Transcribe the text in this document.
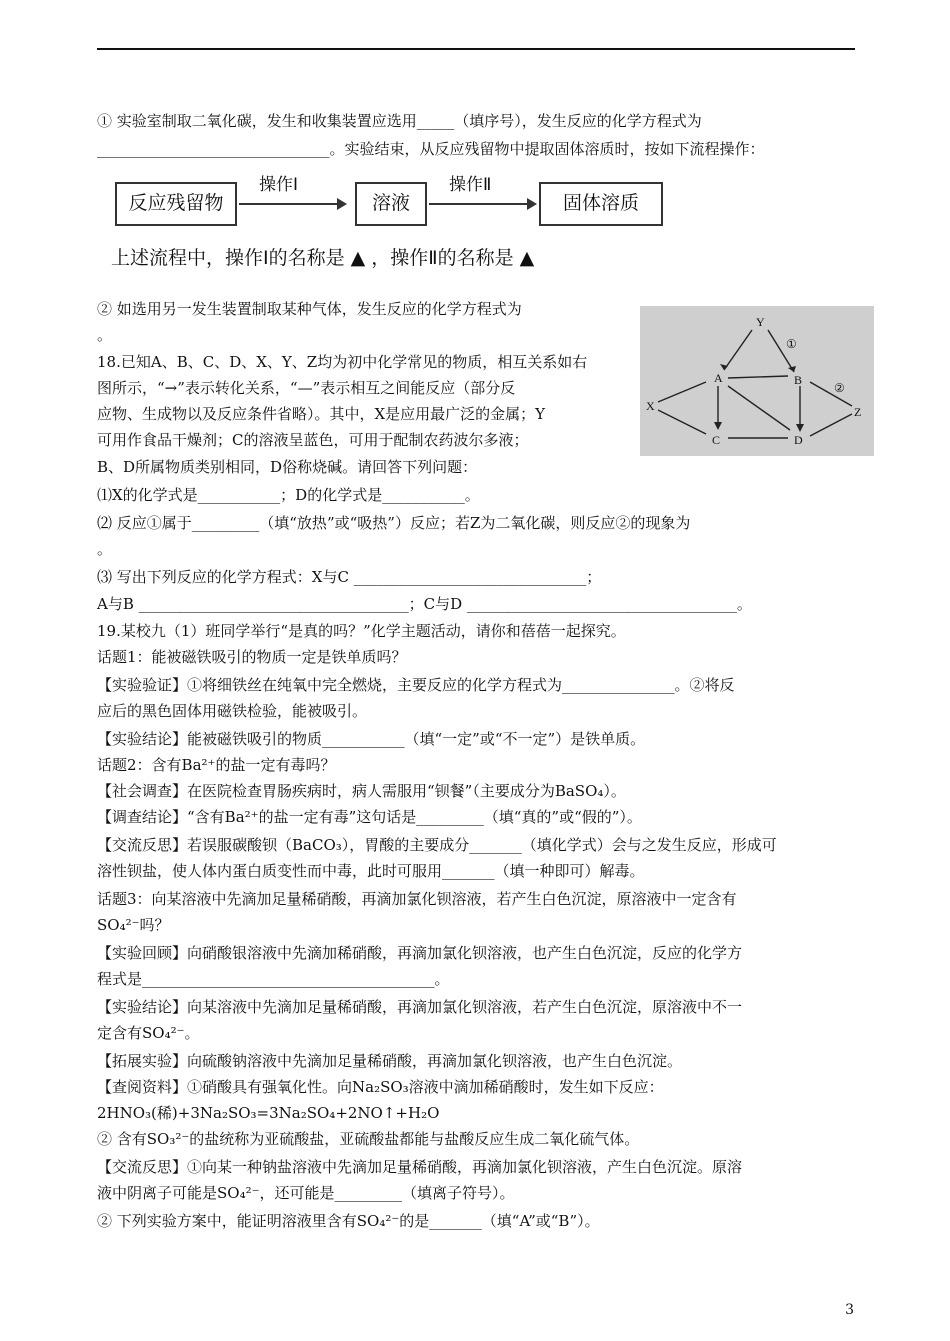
① 实验室制取二氧化碳，发生和收集装置应选用_____（填序号），发生反应的化学方程式为
_______________________________。实验结束，从反应残留物中提取固体溶质时，按如下流程操作：
反应残留物
操作Ⅰ
溶液
操作Ⅱ
固体溶质
上述流程中，操作Ⅰ的名称是 ▲ ，操作Ⅱ的名称是 ▲
② 如选用另一发生装置制取某种气体，发生反应的化学方程式为
。
Y
A	B
X
C	D
Z
①
②
18.已知A、B、C、D、X、Y、Z均为初中化学常见的物质，相互关系如右
图所示，“→”表示转化关系，“—”表示相互之间能反应（部分反
应物、生成物以及反应条件省略）。其中，X是应用最广泛的金属；Y
可用作食品干燥剂；C的溶液呈蓝色，可用于配制农药波尔多液；
B、D所属物质类别相同，D俗称烧碱。请回答下列问题：
⑴X的化学式是___________；D的化学式是___________。
⑵ 反应①属于_________（填“放热”或“吸热”）反应；若Z为二氧化碳，则反应②的现象为
。
⑶ 写出下列反应的化学方程式：X与C _______________________________；
A与B ____________________________________；C与D ____________________________________。
19.某校九（1）班同学举行“是真的吗？”化学主题活动，请你和蓓蓓一起探究。
话题1：能被磁铁吸引的物质一定是铁单质吗？
【实验验证】①将细铁丝在纯氧中完全燃烧，主要反应的化学方程式为_______________。②将反
应后的黑色固体用磁铁检验，能被吸引。
【实验结论】能被磁铁吸引的物质___________（填“一定”或“不一定”）是铁单质。
话题2：含有Ba²⁺的盐一定有毒吗？
【社会调查】在医院检查胃肠疾病时，病人需服用“钡餐”（主要成分为BaSO₄）。
【调查结论】“含有Ba²⁺的盐一定有毒”这句话是_________（填“真的”或“假的”）。
【交流反思】若误服碳酸钡（BaCO₃），胃酸的主要成分_______（填化学式）会与之发生反应，形成可
溶性钡盐，使人体内蛋白质变性而中毒，此时可服用_______（填一种即可）解毒。
话题3：向某溶液中先滴加足量稀硝酸，再滴加氯化钡溶液，若产生白色沉淀，原溶液中一定含有
SO₄²⁻吗？
【实验回顾】向硝酸银溶液中先滴加稀硝酸，再滴加氯化钡溶液，也产生白色沉淀，反应的化学方
程式是_______________________________________。
【实验结论】向某溶液中先滴加足量稀硝酸，再滴加氯化钡溶液，若产生白色沉淀，原溶液中不一
定含有SO₄²⁻。
【拓展实验】向硫酸钠溶液中先滴加足量稀硝酸，再滴加氯化钡溶液，也产生白色沉淀。
【查阅资料】①硝酸具有强氧化性。向Na₂SO₃溶液中滴加稀硝酸时，发生如下反应：
2HNO₃(稀)+3Na₂SO₃=3Na₂SO₄+2NO↑+H₂O
② 含有SO₃²⁻的盐统称为亚硫酸盐，亚硫酸盐都能与盐酸反应生成二氧化硫气体。
【交流反思】①向某一种钠盐溶液中先滴加足量稀硝酸，再滴加氯化钡溶液，产生白色沉淀。原溶
液中阴离子可能是SO₄²⁻，还可能是_________（填离子符号）。
② 下列实验方案中，能证明溶液里含有SO₄²⁻的是_______（填“A”或“B”）。
3
